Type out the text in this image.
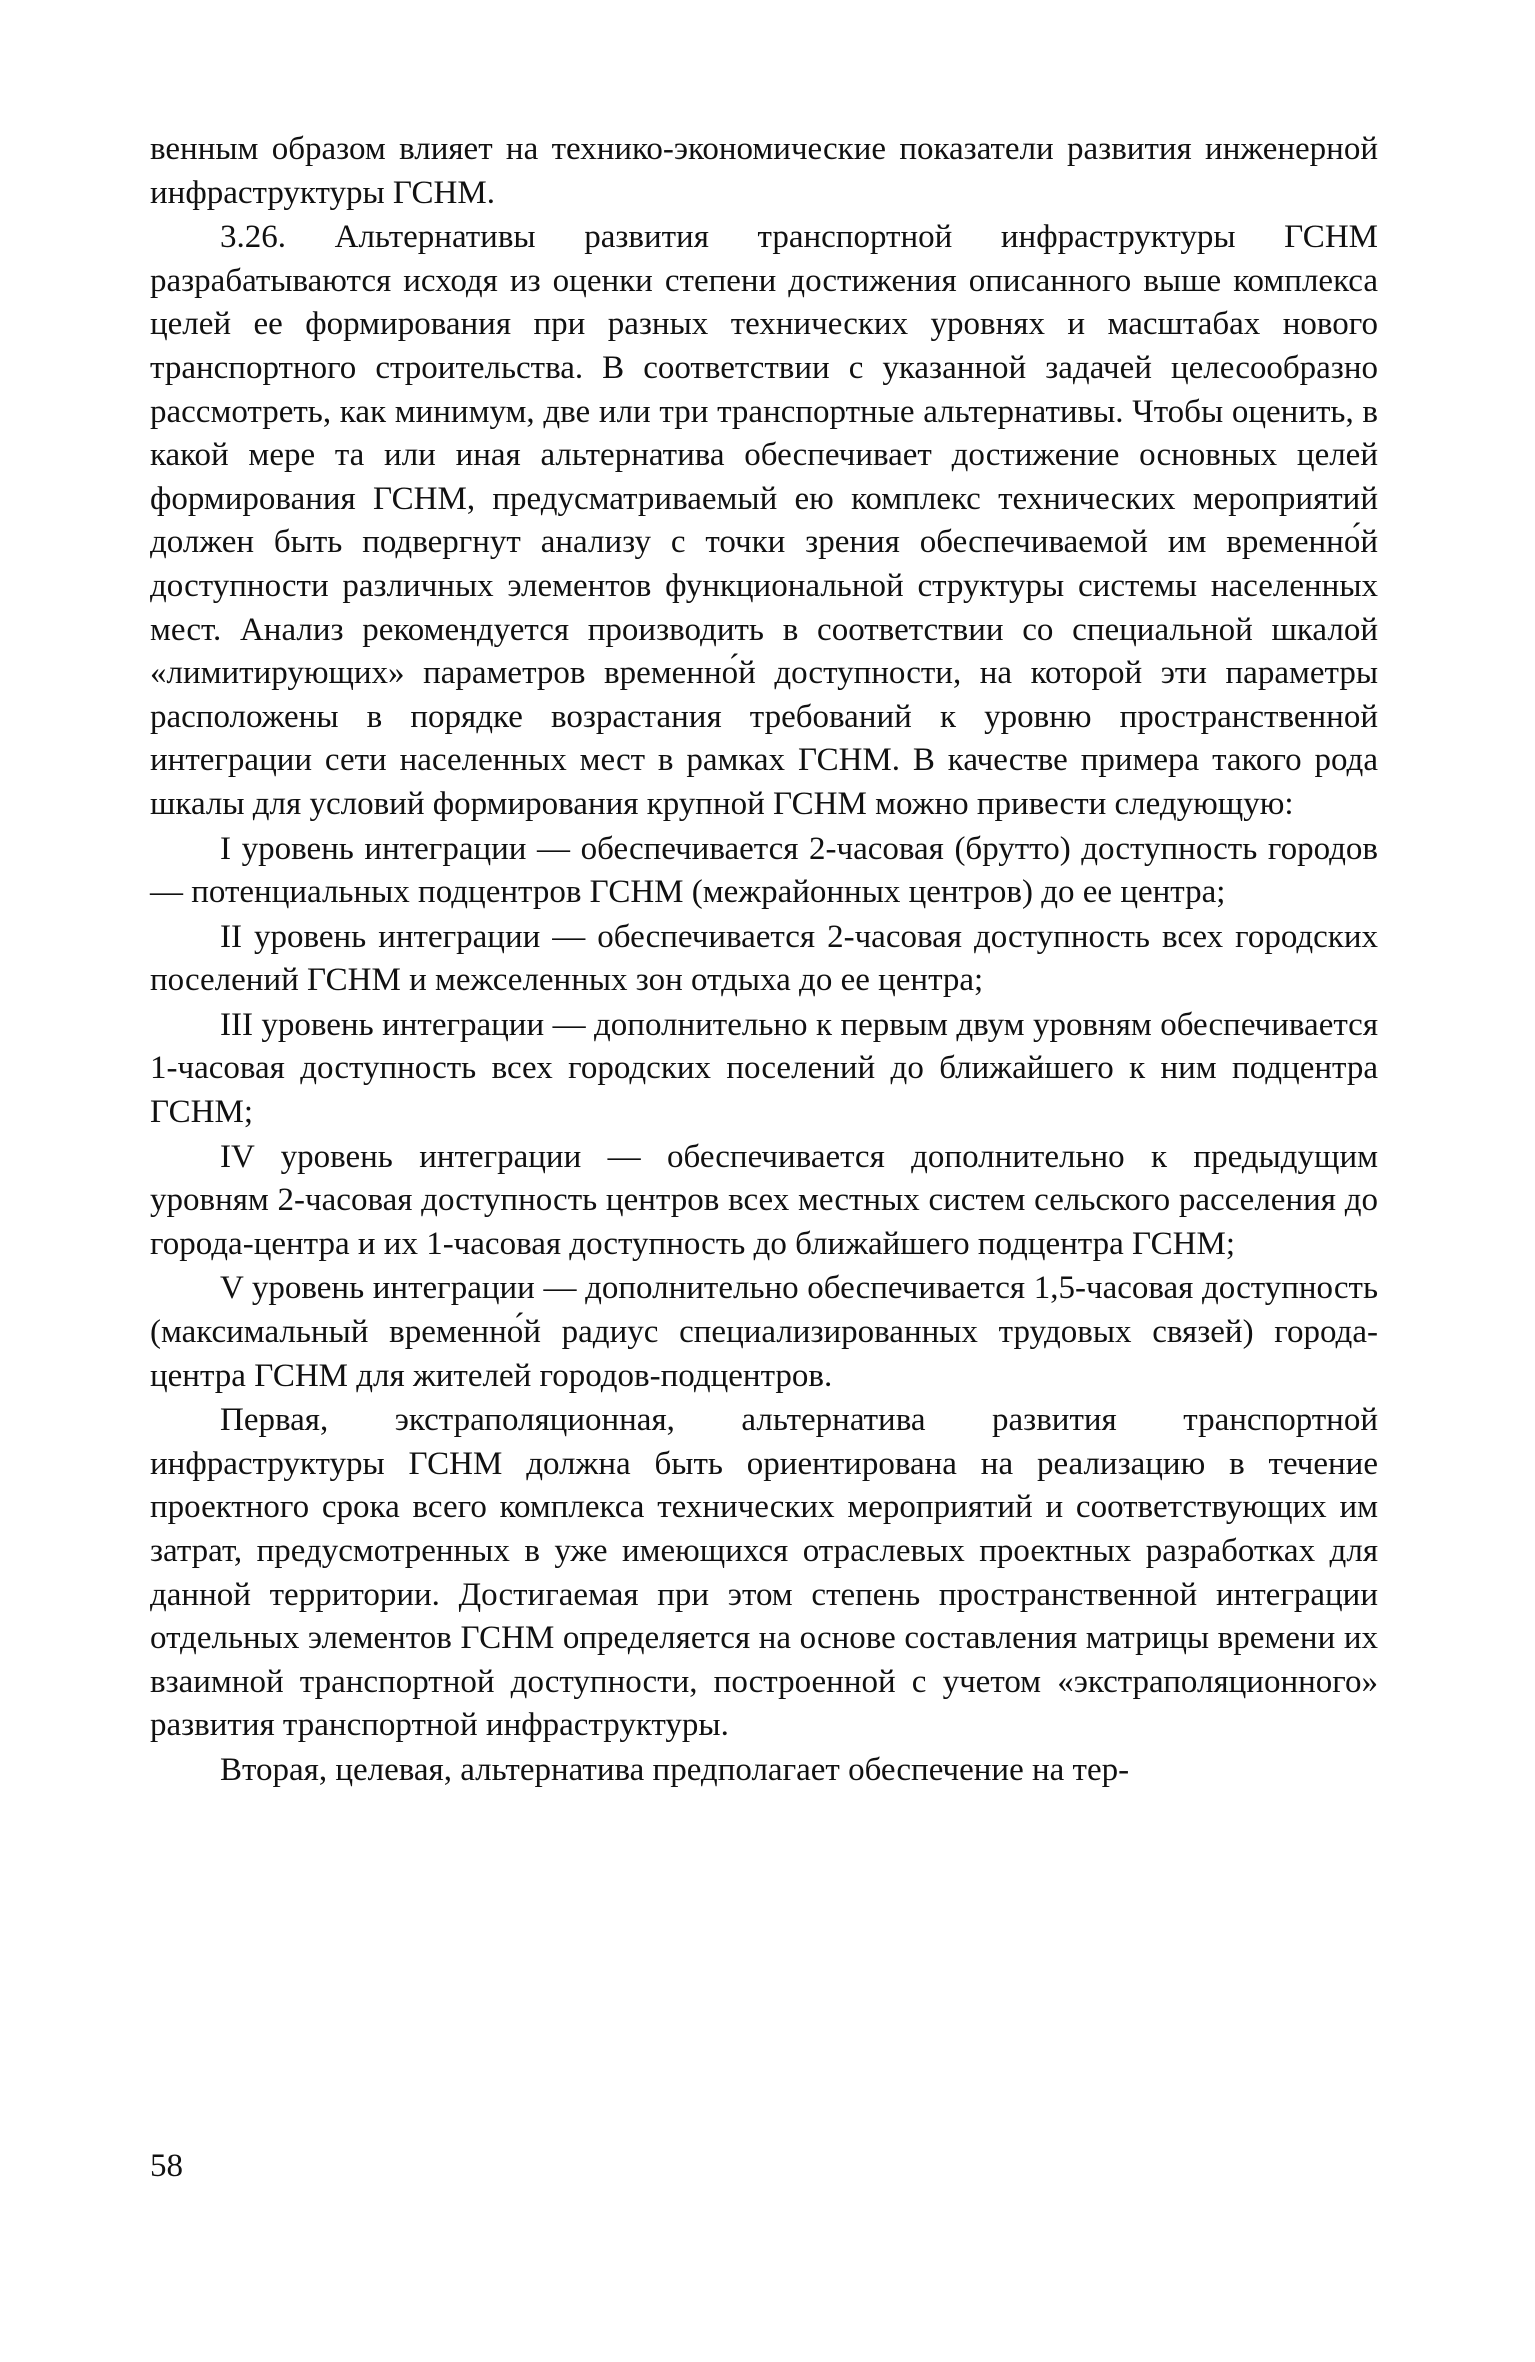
венным образом влияет на технико-экономические показатели развития инженерной инфраструктуры ГСНМ.

3.26. Альтернативы развития транспортной инфраструктуры ГСНМ разрабатываются исходя из оценки степени достижения описанного выше комплекса целей ее формирования при разных технических уровнях и масштабах нового транспортного строительства. В соответствии с указанной задачей целесообразно рассмотреть, как минимум, две или три транспортные альтернативы. Чтобы оценить, в какой мере та или иная альтернатива обеспечивает достижение основных целей формирования ГСНМ, предусматриваемый ею комплекс технических мероприятий должен быть подвергнут анализу с точки зрения обеспечиваемой им временно́й доступности различных элементов функциональной структуры системы населенных мест. Анализ рекомендуется производить в соответствии со специальной шкалой «лимитирующих» параметров временно́й доступности, на которой эти параметры расположены в порядке возрастания требований к уровню пространственной интеграции сети населенных мест в рамках ГСНМ. В качестве примера такого рода шкалы для условий формирования крупной ГСНМ можно привести следующую:

I уровень интеграции — обеспечивается 2-часовая (брутто) доступность городов — потенциальных подцентров ГСНМ (межрайонных центров) до ее центра;

II уровень интеграции — обеспечивается 2-часовая доступность всех городских поселений ГСНМ и межселенных зон отдыха до ее центра;

III уровень интеграции — дополнительно к первым двум уровням обеспечивается 1-часовая доступность всех городских поселений до ближайшего к ним подцентра ГСНМ;

IV уровень интеграции — обеспечивается дополнительно к предыдущим уровням 2-часовая доступность центров всех местных систем сельского расселения до города-центра и их 1-часовая доступность до ближайшего подцентра ГСНМ;

V уровень интеграции — дополнительно обеспечивается 1,5-часовая доступность (максимальный временно́й радиус специализированных трудовых связей) города-центра ГСНМ для жителей городов-подцентров.

Первая, экстраполяционная, альтернатива развития транспортной инфраструктуры ГСНМ должна быть ориентирована на реализацию в течение проектного срока всего комплекса технических мероприятий и соответствующих им затрат, предусмотренных в уже имеющихся отраслевых проектных разработках для данной территории. Достигаемая при этом степень пространственной интеграции отдельных элементов ГСНМ определяется на основе составления матрицы времени их взаимной транспортной доступности, построенной с учетом «экстраполяционного» развития транспортной инфраструктуры.

Вторая, целевая, альтернатива предполагает обеспечение на тер-

58
